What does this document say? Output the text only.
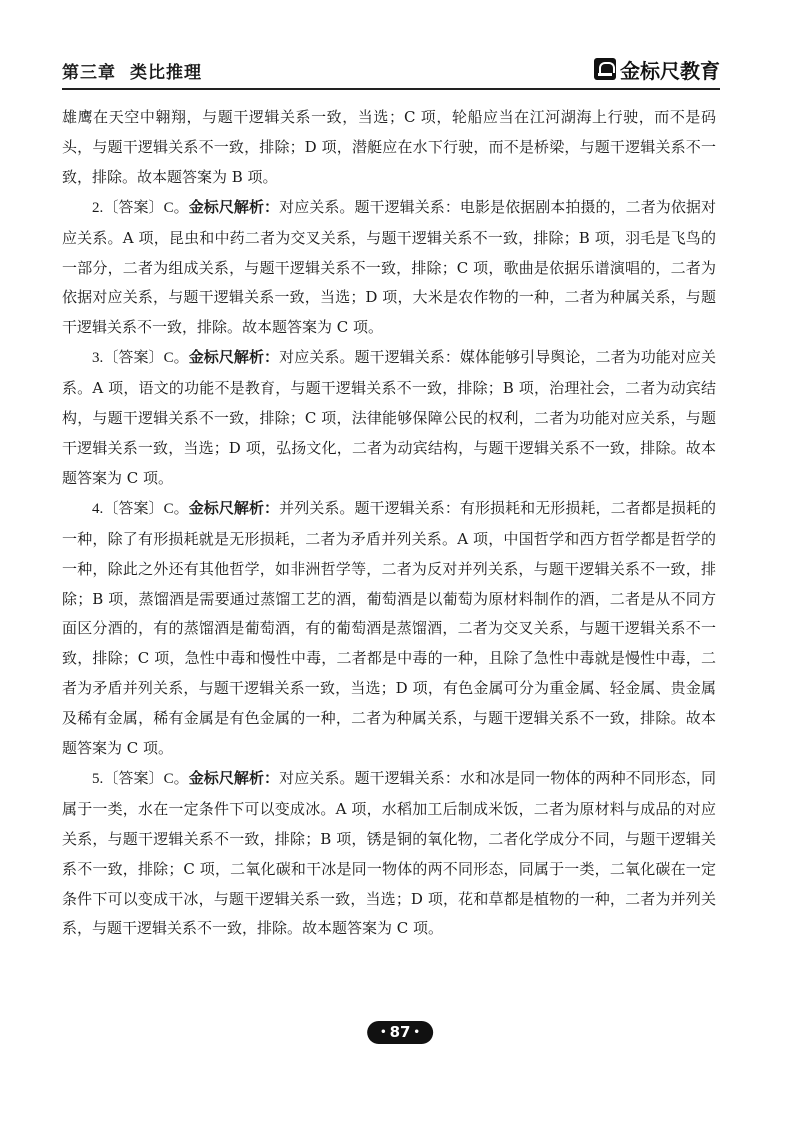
第三章 类比推理	金标尺教育

雄鹰在天空中翱翔，与题干逻辑关系一致，当选；C 项，轮船应当在江河湖海上行驶，而不是码头，与题干逻辑关系不一致，排除；D 项，潜艇应在水下行驶，而不是桥梁，与题干逻辑关系不一致，排除。故本题答案为 B 项。

2.〔答案〕C。金标尺解析：对应关系。题干逻辑关系：电影是依据剧本拍摄的，二者为依据对应关系。A 项，昆虫和中药二者为交叉关系，与题干逻辑关系不一致，排除；B 项，羽毛是飞鸟的一部分，二者为组成关系，与题干逻辑关系不一致，排除；C 项，歌曲是依据乐谱演唱的，二者为依据对应关系，与题干逻辑关系一致，当选；D 项，大米是农作物的一种，二者为种属关系，与题干逻辑关系不一致，排除。故本题答案为 C 项。

3.〔答案〕C。金标尺解析：对应关系。题干逻辑关系：媒体能够引导舆论，二者为功能对应关系。A 项，语文的功能不是教育，与题干逻辑关系不一致，排除；B 项，治理社会，二者为动宾结构，与题干逻辑关系不一致，排除；C 项，法律能够保障公民的权利，二者为功能对应关系，与题干逻辑关系一致，当选；D 项，弘扬文化，二者为动宾结构，与题干逻辑关系不一致，排除。故本题答案为 C 项。

4.〔答案〕C。金标尺解析：并列关系。题干逻辑关系：有形损耗和无形损耗，二者都是损耗的一种，除了有形损耗就是无形损耗，二者为矛盾并列关系。A 项，中国哲学和西方哲学都是哲学的一种，除此之外还有其他哲学，如非洲哲学等，二者为反对并列关系，与题干逻辑关系不一致，排除；B 项，蒸馏酒是需要通过蒸馏工艺的酒，葡萄酒是以葡萄为原材料制作的酒，二者是从不同方面区分酒的，有的蒸馏酒是葡萄酒，有的葡萄酒是蒸馏酒，二者为交叉关系，与题干逻辑关系不一致，排除；C 项，急性中毒和慢性中毒，二者都是中毒的一种，且除了急性中毒就是慢性中毒，二者为矛盾并列关系，与题干逻辑关系一致，当选；D 项，有色金属可分为重金属、轻金属、贵金属及稀有金属，稀有金属是有色金属的一种，二者为种属关系，与题干逻辑关系不一致，排除。故本题答案为 C 项。

5.〔答案〕C。金标尺解析：对应关系。题干逻辑关系：水和冰是同一物体的两种不同形态，同属于一类，水在一定条件下可以变成冰。A 项，水稻加工后制成米饭，二者为原材料与成品的对应关系，与题干逻辑关系不一致，排除；B 项，锈是铜的氧化物，二者化学成分不同，与题干逻辑关系不一致，排除；C 项，二氧化碳和干冰是同一物体的两不同形态，同属于一类，二氧化碳在一定条件下可以变成干冰，与题干逻辑关系一致，当选；D 项，花和草都是植物的一种，二者为并列关系，与题干逻辑关系不一致，排除。故本题答案为 C 项。

• 87 •
